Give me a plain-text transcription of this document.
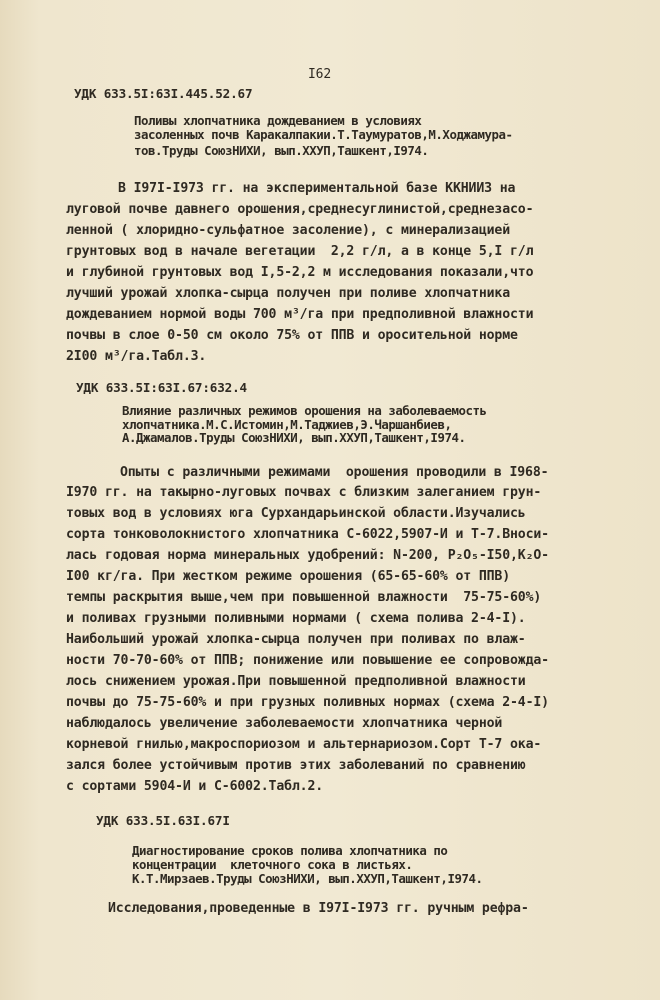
I62
УДК 633.5I:63I.445.52.67
Поливы хлопчатника дождеванием в условиях
засоленных почв Каракалпакии.Т.Таумуратов,М.Ходжамура-
тов.Труды СоюзНИХИ, вып.ХХУП,Ташкент,I974.
В I97I-I973 гг. на экспериментальной базе ККНИИЗ на
луговой почве давнего орошения,среднесуглинистой,среднезасо-
ленной ( хлоридно-сульфатное засоление), с минерализацией
грунтовых вод в начале вегетации  2,2 г/л, а в конце 5,I г/л
и глубиной грунтовых вод I,5-2,2 м исследования показали,что
лучший урожай хлопка-сырца получен при поливе хлопчатника
дождеванием нормой воды 700 м³/га при предполивной влажности
почвы в слое 0-50 см около 75% от ППВ и оросительной норме
2I00 м³/га.Табл.3.
УДК 633.5I:63I.67:632.4
Влияние различных режимов орошения на заболеваемость
хлопчатника.М.С.Истомин,М.Таджиев,Э.Чаршанбиев,
А.Джамалов.Труды СоюзНИХИ, вып.ХХУП,Ташкент,I974.
Опыты с различными режимами  орошения проводили в I968-
I970 гг. на такырно-луговых почвах с близким залеганием грун-
товых вод в условиях юга Сурхандарьинской области.Изучались
сорта тонковолокнистого хлопчатника С-6022,5907-И и Т-7.Вноси-
лась годовая норма минеральных удобрений: N-200, P₂O₅-I50,K₂O-
I00 кг/га. При жестком режиме орошения (65-65-60% от ППВ)
темпы раскрытия выше,чем при повышенной влажности  75-75-60%)
и поливах грузными поливными нормами ( схема полива 2-4-I).
Наибольший урожай хлопка-сырца получен при поливах по влаж-
ности 70-70-60% от ППВ; понижение или повышение ее сопровожда-
лось снижением урожая.При повышенной предполивной влажности
почвы до 75-75-60% и при грузных поливных нормах (схема 2-4-I)
наблюдалось увеличение заболеваемости хлопчатника черной
корневой гнилью,макроспориозом и альтернариозом.Сорт Т-7 ока-
зался более устойчивым против этих заболеваний по сравнению
с сортами 5904-И и С-6002.Табл.2.
УДК 633.5I.63I.67I
Диагностирование сроков полива хлопчатника по
концентрации  клеточного сока в листьях.
К.Т.Мирзаев.Труды СоюзНИХИ, вып.ХХУП,Ташкент,I974.
Исследования,проведенные в I97I-I973 гг. ручным рефра-
